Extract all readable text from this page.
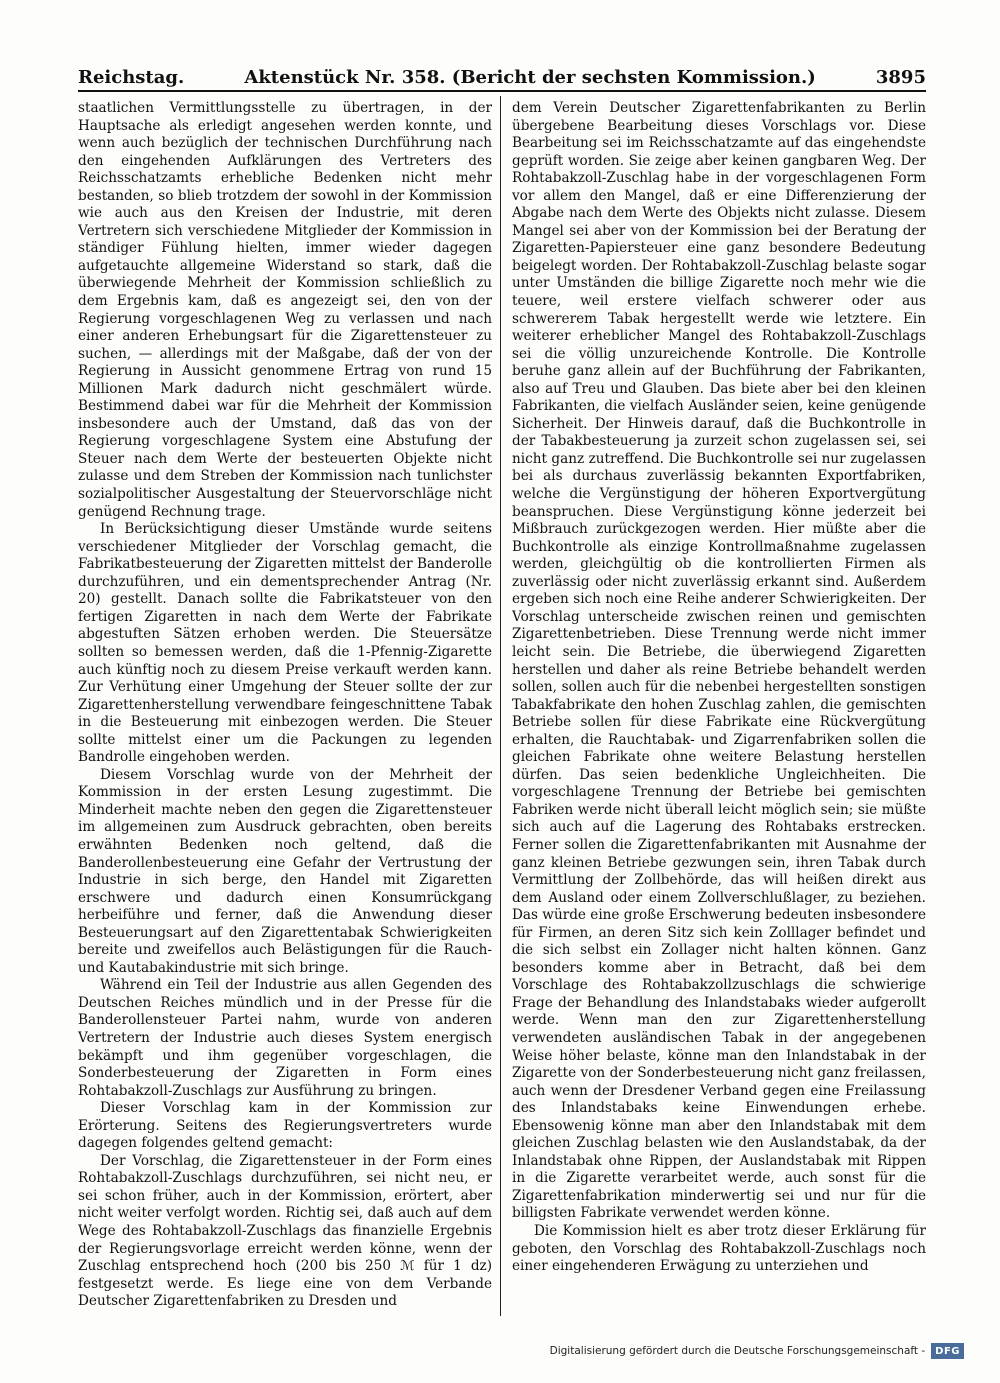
Reichstag.	Aktenstück Nr. 358. (Bericht der sechsten Kommission.)	3895

staatlichen Vermittlungsstelle zu übertragen, in der Hauptsache als erledigt angesehen werden konnte, und wenn auch bezüglich der technischen Durchführung nach den eingehenden Aufklärungen des Vertreters des Reichsschatzamts erhebliche Bedenken nicht mehr bestanden, so blieb trotzdem der sowohl in der Kommission wie auch aus den Kreisen der Industrie, mit deren Vertretern sich verschiedene Mitglieder der Kommission in ständiger Fühlung hielten, immer wieder dagegen aufgetauchte allgemeine Widerstand so stark, daß die überwiegende Mehrheit der Kommission schließlich zu dem Ergebnis kam, daß es angezeigt sei, den von der Regierung vorgeschlagenen Weg zu verlassen und nach einer anderen Erhebungsart für die Zigarettensteuer zu suchen, — allerdings mit der Maßgabe, daß der von der Regierung in Aussicht genommene Ertrag von rund 15 Millionen Mark dadurch nicht geschmälert würde. Bestimmend dabei war für die Mehrheit der Kommission insbesondere auch der Umstand, daß das von der Regierung vorgeschlagene System eine Abstufung der Steuer nach dem Werte der besteuerten Objekte nicht zulasse und dem Streben der Kommission nach tunlichster sozialpolitischer Ausgestaltung der Steuervorschläge nicht genügend Rechnung trage.

In Berücksichtigung dieser Umstände wurde seitens verschiedener Mitglieder der Vorschlag gemacht, die Fabrikatbesteuerung der Zigaretten mittelst der Banderolle durchzuführen, und ein dementsprechender Antrag (Nr. 20) gestellt. Danach sollte die Fabrikatsteuer von den fertigen Zigaretten in nach dem Werte der Fabrikate abgestuften Sätzen erhoben werden. Die Steuersätze sollten so bemessen werden, daß die 1-Pfennig-Zigarette auch künftig noch zu diesem Preise verkauft werden kann. Zur Verhütung einer Umgehung der Steuer sollte der zur Zigarettenherstellung verwendbare feingeschnittene Tabak in die Besteuerung mit einbezogen werden. Die Steuer sollte mittelst einer um die Packungen zu legenden Bandrolle eingehoben werden.

Diesem Vorschlag wurde von der Mehrheit der Kommission in der ersten Lesung zugestimmt. Die Minderheit machte neben den gegen die Zigarettensteuer im allgemeinen zum Ausdruck gebrachten, oben bereits erwähnten Bedenken noch geltend, daß die Banderollenbesteuerung eine Gefahr der Vertrustung der Industrie in sich berge, den Handel mit Zigaretten erschwere und dadurch einen Konsumrückgang herbeiführe und ferner, daß die Anwendung dieser Besteuerungsart auf den Zigarettentabak Schwierigkeiten bereite und zweifellos auch Belästigungen für die Rauch- und Kautabakindustrie mit sich bringe.

Während ein Teil der Industrie aus allen Gegenden des Deutschen Reiches mündlich und in der Presse für die Banderollensteuer Partei nahm, wurde von anderen Vertretern der Industrie auch dieses System energisch bekämpft und ihm gegenüber vorgeschlagen, die Sonderbesteuerung der Zigaretten in Form eines Rohtabakzoll-Zuschlags zur Ausführung zu bringen.

Dieser Vorschlag kam in der Kommission zur Erörterung. Seitens des Regierungsvertreters wurde dagegen folgendes geltend gemacht:

Der Vorschlag, die Zigarettensteuer in der Form eines Rohtabakzoll-Zuschlags durchzuführen, sei nicht neu, er sei schon früher, auch in der Kommission, erörtert, aber nicht weiter verfolgt worden. Richtig sei, daß auch auf dem Wege des Rohtabakzoll-Zuschlags das finanzielle Ergebnis der Regierungsvorlage erreicht werden könne, wenn der Zuschlag entsprechend hoch (200 bis 250 ℳ für 1 dz) festgesetzt werde. Es liege eine von dem Verbande Deutscher Zigarettenfabriken zu Dresden und

dem Verein Deutscher Zigarettenfabrikanten zu Berlin übergebene Bearbeitung dieses Vorschlags vor. Diese Bearbeitung sei im Reichsschatzamte auf das eingehendste geprüft worden. Sie zeige aber keinen gangbaren Weg. Der Rohtabakzoll-Zuschlag habe in der vorgeschlagenen Form vor allem den Mangel, daß er eine Differenzierung der Abgabe nach dem Werte des Objekts nicht zulasse. Diesem Mangel sei aber von der Kommission bei der Beratung der Zigaretten-Papiersteuer eine ganz besondere Bedeutung beigelegt worden. Der Rohtabakzoll-Zuschlag belaste sogar unter Umständen die billige Zigarette noch mehr wie die teuere, weil erstere vielfach schwerer oder aus schwererem Tabak hergestellt werde wie letztere. Ein weiterer erheblicher Mangel des Rohtabakzoll-Zuschlags sei die völlig unzureichende Kontrolle. Die Kontrolle beruhe ganz allein auf der Buchführung der Fabrikanten, also auf Treu und Glauben. Das biete aber bei den kleinen Fabrikanten, die vielfach Ausländer seien, keine genügende Sicherheit. Der Hinweis darauf, daß die Buchkontrolle in der Tabakbesteuerung ja zurzeit schon zugelassen sei, sei nicht ganz zutreffend. Die Buchkontrolle sei nur zugelassen bei als durchaus zuverlässig bekannten Exportfabriken, welche die Vergünstigung der höheren Exportvergütung beanspruchen. Diese Vergünstigung könne jederzeit bei Mißbrauch zurückgezogen werden. Hier müßte aber die Buchkontrolle als einzige Kontrollmaßnahme zugelassen werden, gleichgültig ob die kontrollierten Firmen als zuverlässig oder nicht zuverlässig erkannt sind. Außerdem ergeben sich noch eine Reihe anderer Schwierigkeiten. Der Vorschlag unterscheide zwischen reinen und gemischten Zigarettenbetrieben. Diese Trennung werde nicht immer leicht sein. Die Betriebe, die überwiegend Zigaretten herstellen und daher als reine Betriebe behandelt werden sollen, sollen auch für die nebenbei hergestellten sonstigen Tabakfabrikate den hohen Zuschlag zahlen, die gemischten Betriebe sollen für diese Fabrikate eine Rückvergütung erhalten, die Rauchtabak- und Zigarrenfabriken sollen die gleichen Fabrikate ohne weitere Belastung herstellen dürfen. Das seien bedenkliche Ungleichheiten. Die vorgeschlagene Trennung der Betriebe bei gemischten Fabriken werde nicht überall leicht möglich sein; sie müßte sich auch auf die Lagerung des Rohtabaks erstrecken. Ferner sollen die Zigarettenfabrikanten mit Ausnahme der ganz kleinen Betriebe gezwungen sein, ihren Tabak durch Vermittlung der Zollbehörde, das will heißen direkt aus dem Ausland oder einem Zollverschlußlager, zu beziehen. Das würde eine große Erschwerung bedeuten insbesondere für Firmen, an deren Sitz sich kein Zolllager befindet und die sich selbst ein Zollager nicht halten können. Ganz besonders komme aber in Betracht, daß bei dem Vorschlage des Rohtabakzollzuschlags die schwierige Frage der Behandlung des Inlandstabaks wieder aufgerollt werde. Wenn man den zur Zigarettenherstellung verwendeten ausländischen Tabak in der angegebenen Weise höher belaste, könne man den Inlandstabak in der Zigarette von der Sonderbesteuerung nicht ganz freilassen, auch wenn der Dresdener Verband gegen eine Freilassung des Inlandstabaks keine Einwendungen erhebe. Ebensowenig könne man aber den Inlandstabak mit dem gleichen Zuschlag belasten wie den Auslandstabak, da der Inlandstabak ohne Rippen, der Auslandstabak mit Rippen in die Zigarette verarbeitet werde, auch sonst für die Zigarettenfabrikation minderwertig sei und nur für die billigsten Fabrikate verwendet werden könne.

Die Kommission hielt es aber trotz dieser Erklärung für geboten, den Vorschlag des Rohtabakzoll-Zuschlags noch einer eingehenderen Erwägung zu unterziehen und

Digitalisierung gefördert durch die Deutsche Forschungsgemeinschaft -	DFG
